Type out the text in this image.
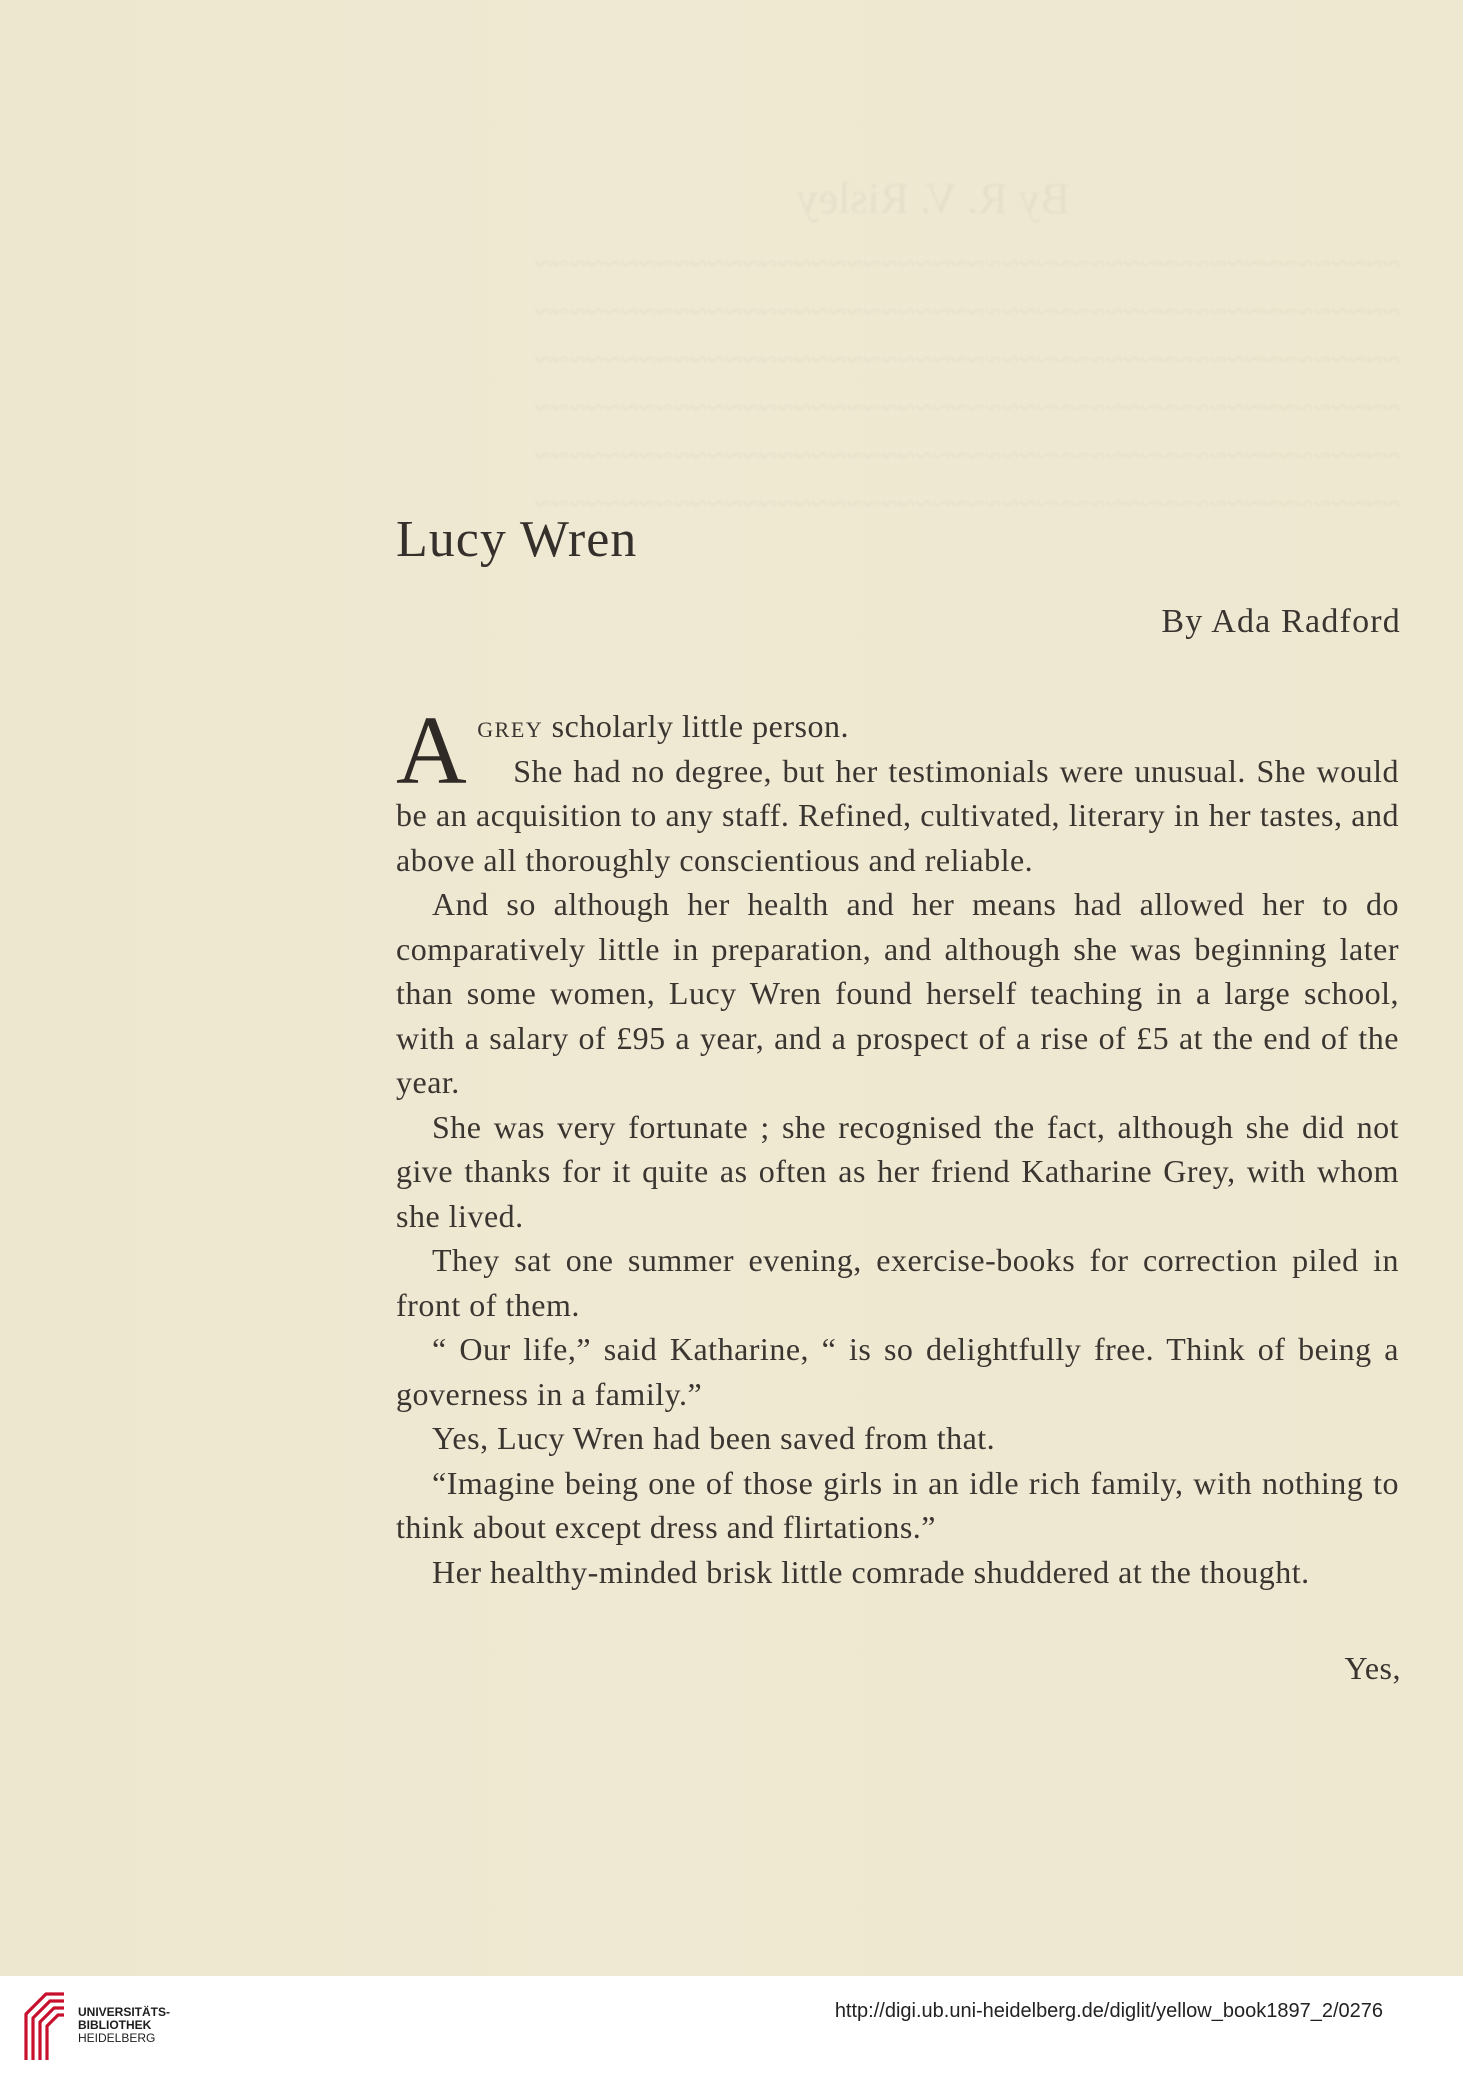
Lucy Wren
By Ada Radford

Agrey scholarly little person.

She had no degree, but her testimonials were unusual. She would be an acquisition to any staff. Refined, cultivated, literary in her tastes, and above all thoroughly conscientious and reliable.

And so although her health and her means had allowed her to do comparatively little in preparation, and although she was beginning later than some women, Lucy Wren found herself teaching in a large school, with a salary of £95 a year, and a prospect of a rise of £5 at the end of the year.

She was very fortunate ; she recognised the fact, although she did not give thanks for it quite as often as her friend Katharine Grey, with whom she lived.

They sat one summer evening, exercise-books for correction piled in front of them.

“ Our life,” said Katharine, “ is so delightfully free. Think of being a governess in a family.”

Yes, Lucy Wren had been saved from that.

“Imagine being one of those girls in an idle rich family, with nothing to think about except dress and flirtations.”

Her healthy-minded brisk little comrade shuddered at the thought.

Yes,
UNIVERSITÄTS-
BIBLIOTHEK
HEIDELBERG
http://digi.ub.uni-heidelberg.de/diglit/yellow_book1897_2/0276
